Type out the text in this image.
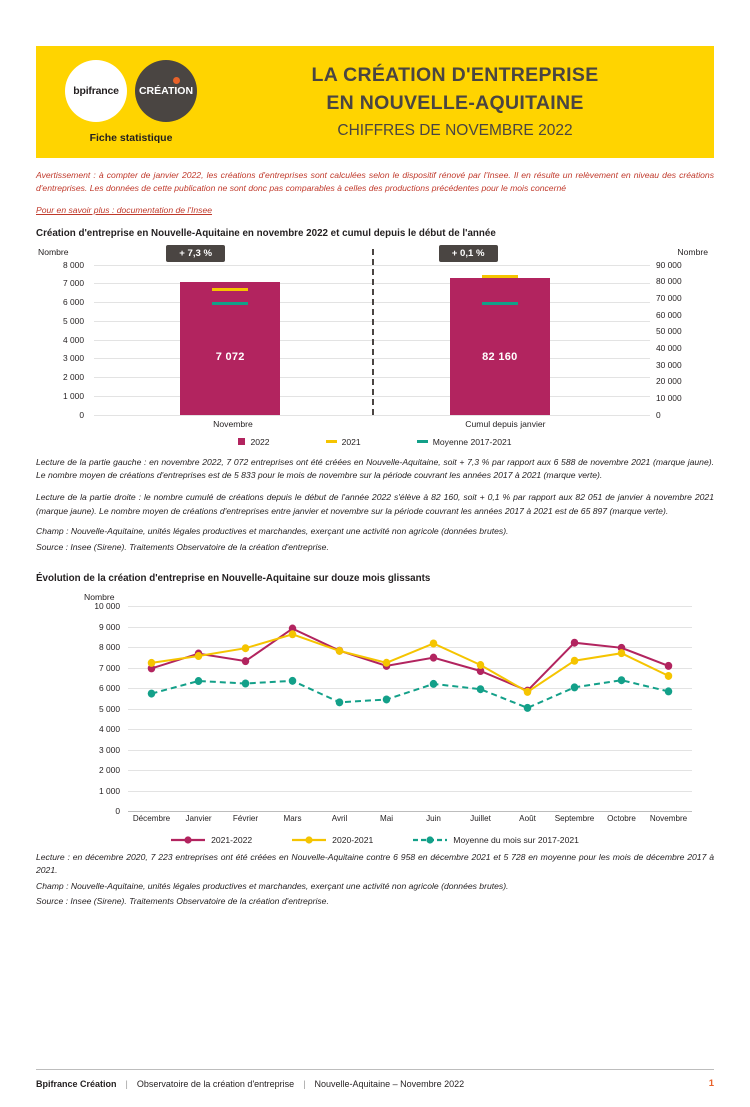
bpifrance CRÉATION
Fiche statistique
LA CRÉATION D'ENTREPRISE
EN NOUVELLE-AQUITAINE
CHIFFRES DE NOVEMBRE 2022
Avertissement : à compter de janvier 2022, les créations d'entreprises sont calculées selon le dispositif rénové par l'Insee. Il en résulte un relèvement en niveau des créations d'entreprises. Les données de cette publication ne sont donc pas comparables à celles des productions précédentes pour le mois concerné
Pour en savoir plus : documentation de l'Insee
Création d'entreprise en Nouvelle-Aquitaine en novembre 2022 et cumul depuis le début de l'année
Nombre	Nombre
8 000
7 000
6 000
5 000
4 000
3 000
2 000
1 000
0
90 000
80 000
70 000
60 000
50 000
40 000
30 000
20 000
10 000
0
+ 7,3 %	+ 0,1 %
7 072	82 160
Novembre	Cumul depuis janvier
2022	2021	Moyenne 2017-2021
Lecture de la partie gauche : en novembre 2022, 7 072 entreprises ont été créées en Nouvelle-Aquitaine, soit + 7,3 % par rapport aux 6 588 de novembre 2021 (marque jaune). Le nombre moyen de créations d'entreprises est de 5 833 pour le mois de novembre sur la période couvrant les années 2017 à 2021 (marque verte).
Lecture de la partie droite : le nombre cumulé de créations depuis le début de l'année 2022 s'élève à 82 160, soit + 0,1 % par rapport aux 82 051 de janvier à novembre 2021 (marque jaune). Le nombre moyen de créations d'entreprises entre janvier et novembre sur la période couvrant les années 2017 à 2021 est de 65 897 (marque verte).
Champ : Nouvelle-Aquitaine, unités légales productives et marchandes, exerçant une activité non agricole (données brutes).
Source : Insee (Sirene). Traitements Observatoire de la création d'entreprise.
Évolution de la création d'entreprise en Nouvelle-Aquitaine sur douze mois glissants
Nombre
10 000
9 000
8 000
7 000
6 000
5 000
4 000
3 000
2 000
1 000
0
Décembre Janvier	Février	Mars	Avril	Mai	Juin	Juillet	Août Septembre Octobre Novembre
2021-2022	2020-2021	Moyenne du mois sur 2017-2021
Lecture : en décembre 2020, 7 223 entreprises ont été créées en Nouvelle-Aquitaine contre 6 958 en décembre 2021 et 5 728 en moyenne pour les mois de décembre 2017 à 2021.
Champ : Nouvelle-Aquitaine, unités légales productives et marchandes, exerçant une activité non agricole (données brutes).
Source : Insee (Sirene). Traitements Observatoire de la création d'entreprise.
Bpifrance Création | Observatoire de la création d'entreprise | Nouvelle-Aquitaine – Novembre 2022	1
